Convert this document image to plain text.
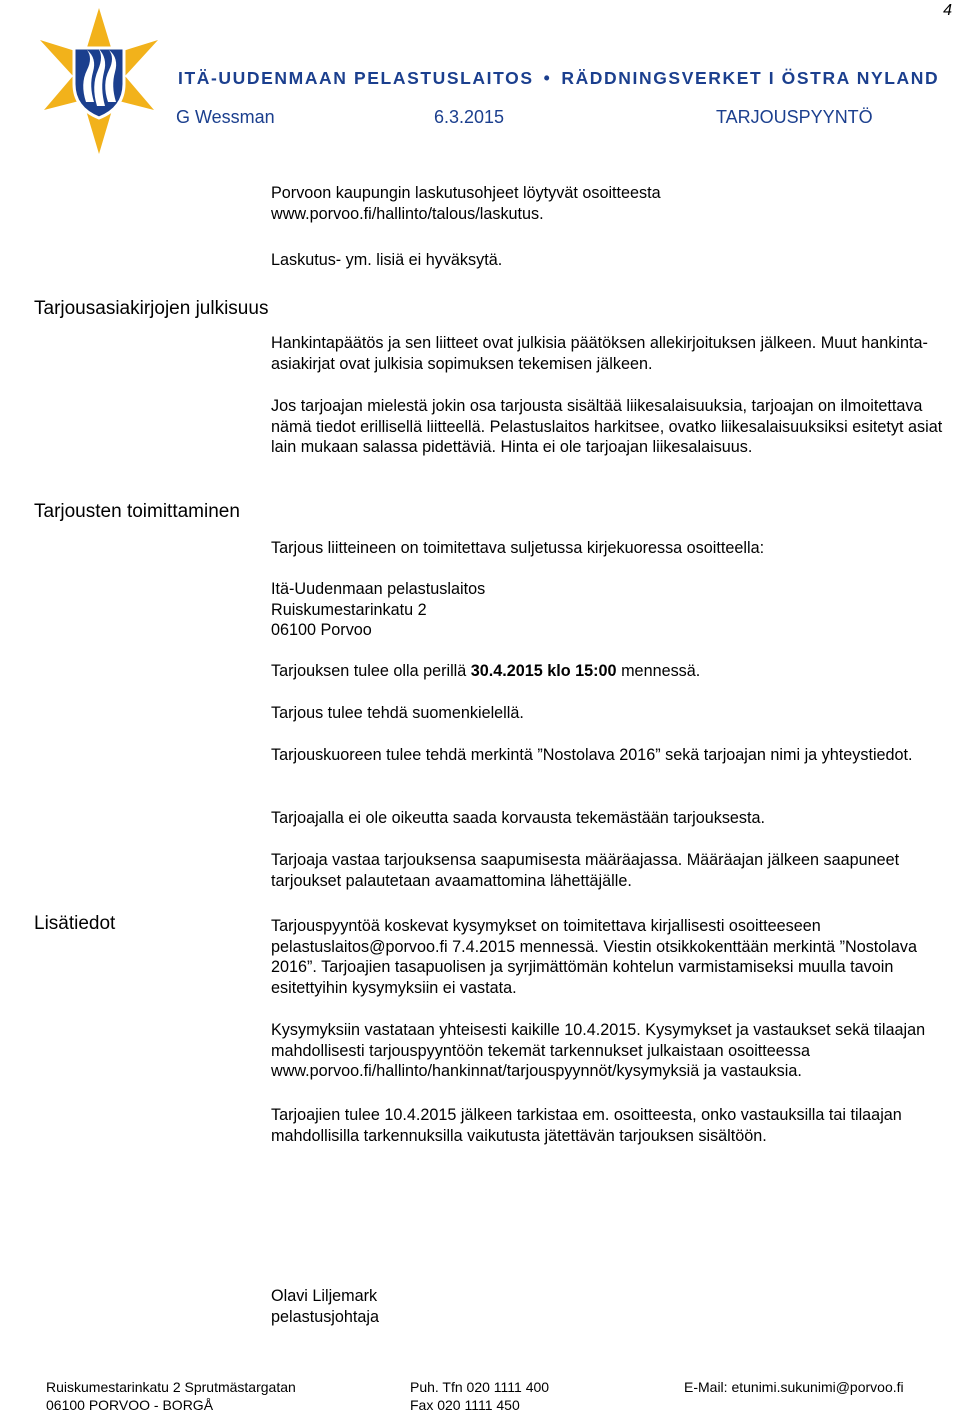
4
ITÄ-UUDENMAAN PELASTUSLAITOS • RÄDDNINGSVERKET I ÖSTRA NYLAND
G Wessman	6.3.2015	TARJOUSPYYNTÖ

Porvoon kaupungin laskutusohjeet löytyvät osoitteesta

www.porvoo.fi/hallinto/talous/laskutus.

Laskutus- ym. lisiä ei hyväksytä.
Tarjousasiakirjojen julkisuus
Hankintapäätös ja sen liitteet ovat julkisia päätöksen allekirjoituksen jälkeen. Muut hankinta-asiakirjat ovat julkisia sopimuksen tekemisen jälkeen.
Jos tarjoajan mielestä jokin osa tarjousta sisältää liikesalaisuuksia, tarjoajan on ilmoitettava nämä tiedot erillisellä liitteellä. Pelastuslaitos harkitsee, ovatko liikesalaisuuksiksi esitetyt asiat lain mukaan salassa pidettäviä. Hinta ei ole tarjoajan liikesalaisuus.
Tarjousten toimittaminen
Tarjous liitteineen on toimitettava suljetussa kirjekuoressa osoitteella:

Itä-Uudenmaan pelastuslaitos

Ruiskumestarinkatu 2

06100 Porvoo

Tarjouksen tulee olla perillä 30.4.2015 klo 15:00 mennessä.
Tarjous tulee tehdä suomenkielellä.
Tarjouskuoreen tulee tehdä merkintä ”Nostolava 2016” sekä tarjoajan nimi ja yhteystiedot.
Tarjoajalla ei ole oikeutta saada korvausta tekemästään tarjouksesta.
Tarjoaja vastaa tarjouksensa saapumisesta määräajassa. Määräajan jälkeen saapuneet tarjoukset palautetaan avaamattomina lähettäjälle.
Lisätiedot	Tarjouspyyntöä koskevat kysymykset on toimitettava kirjallisesti osoitteeseen pelastuslaitos@porvoo.fi 7.4.2015 mennessä. Viestin otsikkokenttään merkintä ”Nostolava 2016”. Tarjoajien tasapuolisen ja syrjimättömän kohtelun varmistamiseksi muulla tavoin esitettyihin kysymyksiin ei vastata.
Kysymyksiin vastataan yhteisesti kaikille 10.4.2015. Kysymykset ja vastaukset sekä tilaajan mahdollisesti tarjouspyyntöön tekemät tarkennukset julkaistaan osoitteessa www.porvoo.fi/hallinto/hankinnat/tarjouspyynnöt/kysymyksiä ja vastauksia.
Tarjoajien tulee 10.4.2015 jälkeen tarkistaa em. osoitteesta, onko vastauksilla tai tilaajan mahdollisilla tarkennuksilla vaikutusta jätettävän tarjouksen sisältöön.

Olavi Liljemark

pelastusjohtaja

Ruiskumestarinkatu 2 Sprutmästargatan
06100 PORVOO - BORGÅ
Puh. Tfn 020 1111 400
Fax 020 1111 450
E-Mail: etunimi.sukunimi@porvoo.fi
